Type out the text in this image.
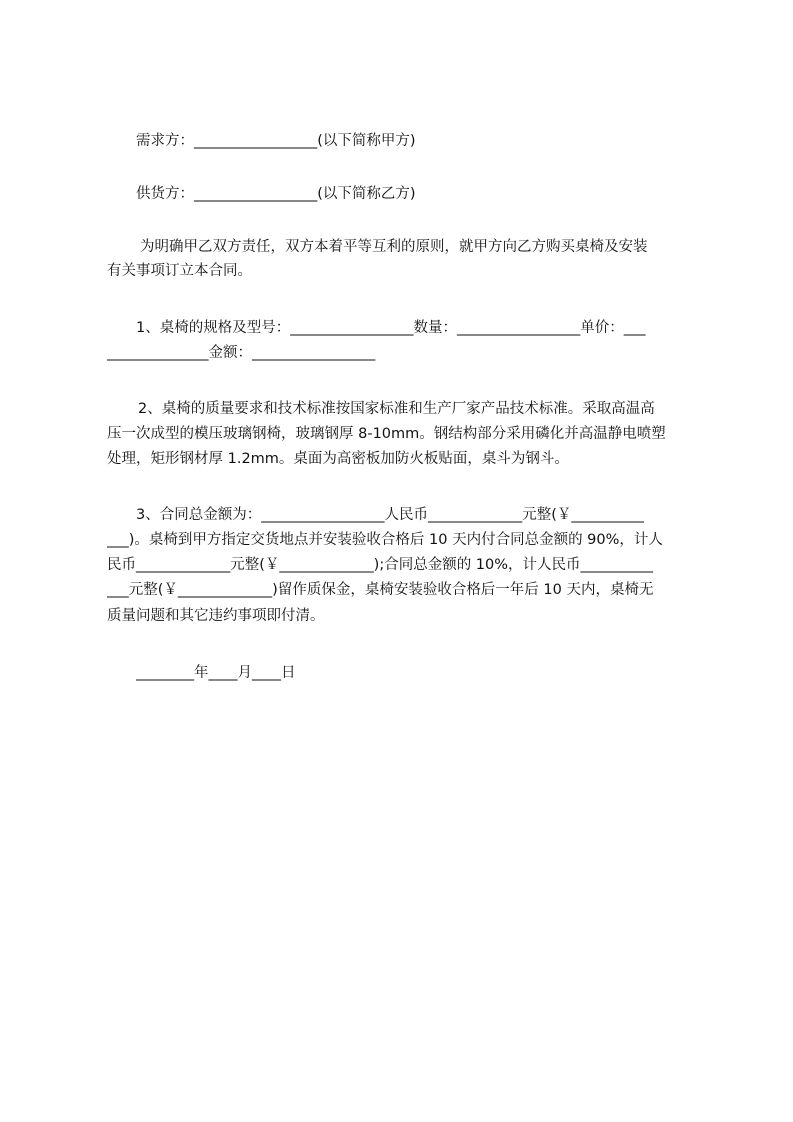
需求方：_________________(以下简称甲方)
供货方：_________________(以下简称乙方)
为明确甲乙双方责任，双方本着平等互利的原则，就甲方向乙方购买桌椅及安装
有关事项订立本合同。
1、桌椅的规格及型号：_________________数量：_________________单价：___
______________金额：_________________
2、桌椅的质量要求和技术标准按国家标准和生产厂家产品技术标准。采取高温高
压一次成型的模压玻璃钢椅，玻璃钢厚 8-10mm。钢结构部分采用磷化并高温静电喷塑
处理，矩形钢材厚 1.2mm。桌面为高密板加防火板贴面，桌斗为钢斗。
3、合同总金额为：_________________人民币_____________元整(￥__________
___)。桌椅到甲方指定交货地点并安装验收合格后 10 天内付合同总金额的 90%，计人
民币_____________元整(￥_____________);合同总金额的 10%，计人民币__________
___元整(￥_____________)留作质保金，桌椅安装验收合格后一年后 10 天内，桌椅无
质量问题和其它违约事项即付清。
________年____月____日
